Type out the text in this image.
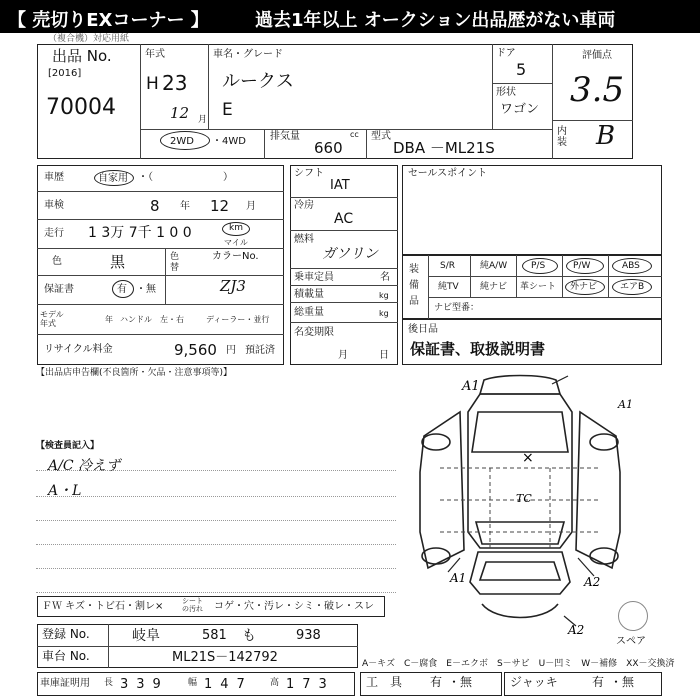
【 売切りEXコーナー 】	過去1年以上 オークション出品歴がない車両
（複合機）対応用紙
出品 No.
[2016]
70004
年式
H 23
12 月
車名・グレード
ルークス
E
ドア
5
形状
ワゴン
評価点
3.5
内装 B
2WD ・4WD 排気量	cc
660
型式
DBA －ML21S
車歴	自家用 ・（　　　　　　　）
車検	8 年 12 月
走行 1 3万 7千 1 0 0	km
マイル
色	黒	色替
カラーNo.
ZJ3
保証書	有 ・無
モデル年式	年 ハンドル　左・右	ディーラー・並行
リサイクル料金	9,560 円 預託済
シフト
IAT
冷房
AC
燃料
ガソリン
乗車定員	名
積載量	kg
総重量	kg
名変期限
月	日
セールスポイント
装備品
S/R	純A/W	P/S	P/W	ABS
純TV 純ナビ 革シート 外ナビ	エアB
ナビ型番：
後日品
保証書、取扱説明書
【出品店申告欄(不良箇所・欠品・注意事項等)】
【検査員記入】
A/C 冷えず
A・L
A1
A1
A1	A2
A2
TC
×
ＦＷ キズ・トビ石・割レ×	シートの汚れ	コゲ・穴・汚レ・シミ・破レ・スレ
スペア
登録 No.	岐阜	581 も	938
車台 No.	ML21S－142792	A－キズ　C－腐食　E－エクボ　S－サビ　U－凹ミ　W－補修　XX－交換済
車庫証明用 長 339 幅 147 高 173	工　具 有 ・無	ジャッキ	有 ・無
